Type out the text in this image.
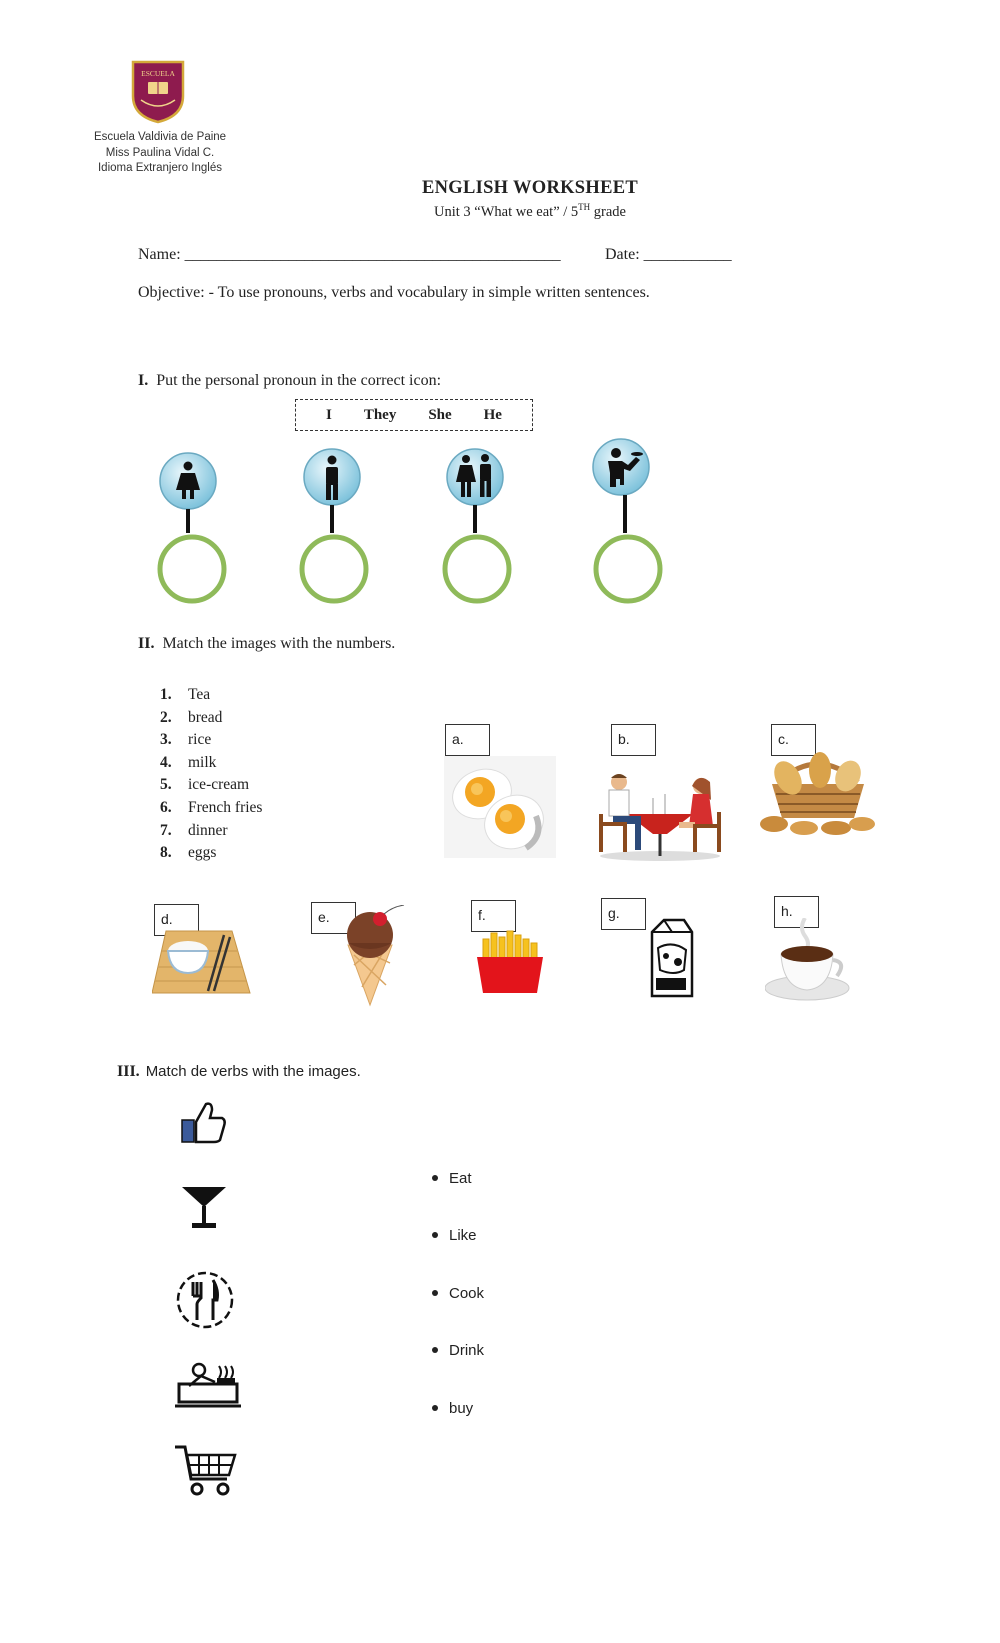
ESCUELA
Escuela Valdivia de Paine
Miss Paulina Vidal C.
Idioma Extranjero Inglés
ENGLISH WORKSHEET
Unit 3 “What we eat” / 5TH grade
Name: _______________________________________________	Date: ___________
Objective: - To use pronouns, verbs and vocabulary in simple written sentences.
I. Put the personal pronoun in the correct icon:
I They She He
II. Match the images with the numbers.
1. Tea
2. bread
3. rice
4. milk
5. ice-cream
6. French fries
7. dinner
8. eggs
a.	b.	c.
d.	e.	f.	g.	h.
III. Match de verbs with the images.
Eat
Like
Cook
Drink
buy
